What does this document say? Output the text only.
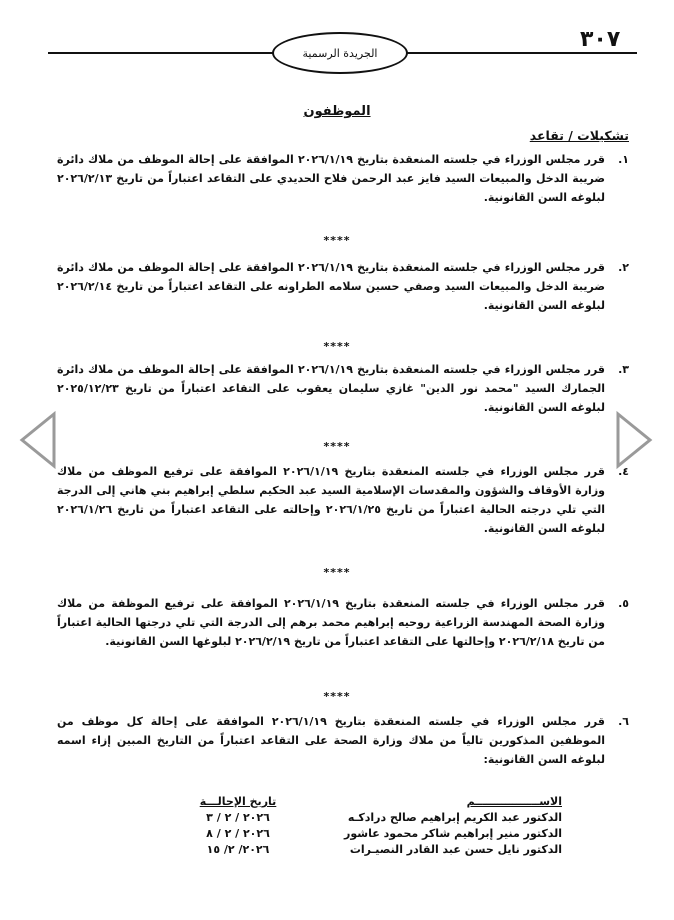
٣٠٧
الجريدة الرسمية
الموظفون
تشكيلات / تقاعد
١.
قرر مجلس الوزراء في جلسته المنعقدة بتاريخ ٢٠٢٦/١/١٩ الموافقة على إحالة الموظف من ملاك دائرة ضريبة الدخل والمبيعات السيد فايز عبد الرحمن فلاح الحديدي على التقاعد اعتباراً من تاريخ ٢٠٢٦/٢/١٣ لبلوغه السن القانونية.
****
٢.
قرر مجلس الوزراء في جلسته المنعقدة بتاريخ ٢٠٢٦/١/١٩ الموافقة على إحالة الموظف من ملاك دائرة ضريبة الدخل والمبيعات السيد وصفي حسين سلامه الطراونه على التقاعد اعتباراً من تاريخ ٢٠٢٦/٢/١٤ لبلوغه السن القانونية.
****
٣.
قرر مجلس الوزراء في جلسته المنعقدة بتاريخ ٢٠٢٦/١/١٩ الموافقة على إحالة الموظف من ملاك دائرة الجمارك السيد "محمد نور الدين" غازي سليمان يعقوب على التقاعد اعتباراً من تاريخ ٢٠٢٥/١٢/٢٣ لبلوغه السن القانونية.
****
٤.
قرر مجلس الوزراء في جلسته المنعقدة بتاريخ ٢٠٢٦/١/١٩ الموافقة على ترفيع الموظف من ملاك وزارة الأوقاف والشؤون والمقدسات الإسلامية السيد عبد الحكيم سلطي إبراهيم بني هاني إلى الدرجة التي تلي درجته الحالية اعتباراً من تاريخ ٢٠٢٦/١/٢٥ وإحالته على التقاعد اعتباراً من تاريخ ٢٠٢٦/١/٢٦ لبلوغه السن القانونية.
****
٥.
قرر مجلس الوزراء في جلسته المنعقدة بتاريخ ٢٠٢٦/١/١٩ الموافقة على ترفيع الموظفة من ملاك وزارة الصحة المهندسة الزراعية روحيه إبراهيم محمد برهم إلى الدرجة التي تلي درجتها الحالية اعتباراً من تاريخ ٢٠٢٦/٢/١٨ وإحالتها على التقاعد اعتباراً من تاريخ ٢٠٢٦/٢/١٩ لبلوغها السن القانونية.
****
٦.
قرر مجلس الوزراء في جلسته المنعقدة بتاريخ ٢٠٢٦/١/١٩ الموافقة على إحالة كل موظف من الموظفين المذكورين تالياً من ملاك وزارة الصحة على التقاعد اعتباراً من التاريخ المبين إزاء اسمه لبلوغه السن القانونية:
الاســـــــــــــــــم
الدكتور عبد الكريم إبراهيم صالح درادكـه
الدكتور منير إبراهيم شاكر محمود عاشور
الدكتور نايل حسن عبد القادر النصيـرات
تاريخ الإحالـــة
٢٠٢٦ / ٢ / ٣
٢٠٢٦ / ٢ / ٨
٢٠٢٦/ ٢/ ١٥
